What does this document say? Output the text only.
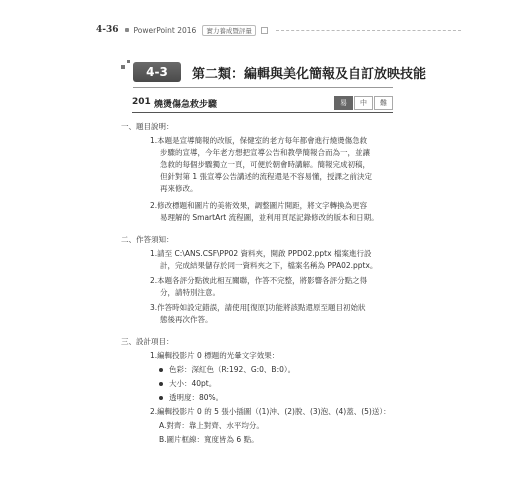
4-36 PowerPoint 2016	實力養成暨評量
4-3	第二類：編輯與美化簡報及自訂放映技能
201 燒燙傷急救步驟	易	中	難
一、題目說明：
1.本題是宣導簡報的改版，保健室的老方每年都會進行燒燙傷急救
步驟的宣導，今年老方想把宣導公告和教學簡報合而為一，並讓
急救的每個步驟獨立一頁，可便於朝會時講解。簡報完成初稿，
但針對第 1 張宣導公告講述的流程還是不容易懂，授課之前決定
再來修改。
2.修改標題和圖片的美術效果，調整圖片開距，將文字轉換為更容
易理解的 SmartArt 流程圖，並利用頁尾記錄修改的版本和日期。
二、作答須知：
1.請至 C:\ANS.CSF\PP02 資料夾，開啟 PPD02.pptx 檔案進行設
計，完成結果儲存於同一資料夾之下，檔案名稱為 PPA02.pptx。
2.本題各評分點彼此相互關聯，作答不完整，將影響各評分點之得
分，請特別注意。
3.作答時如設定錯誤，請使用[復原]功能將該點還原至題目初始狀
態後再次作答。
三、設計項目：
1.編輯投影片 0 標題的光暈文字效果：
色彩：深紅色（R:192、G:0、B:0）。
大小：40pt。
透明度：80%。
2.編輯投影片 0 的 5 張小插圖（(1)沖、(2)脫、(3)泡、(4)蓋、(5)送）：
A.對齊：靠上對齊、水平均分。
B.圖片框線：寬度皆為 6 點。
